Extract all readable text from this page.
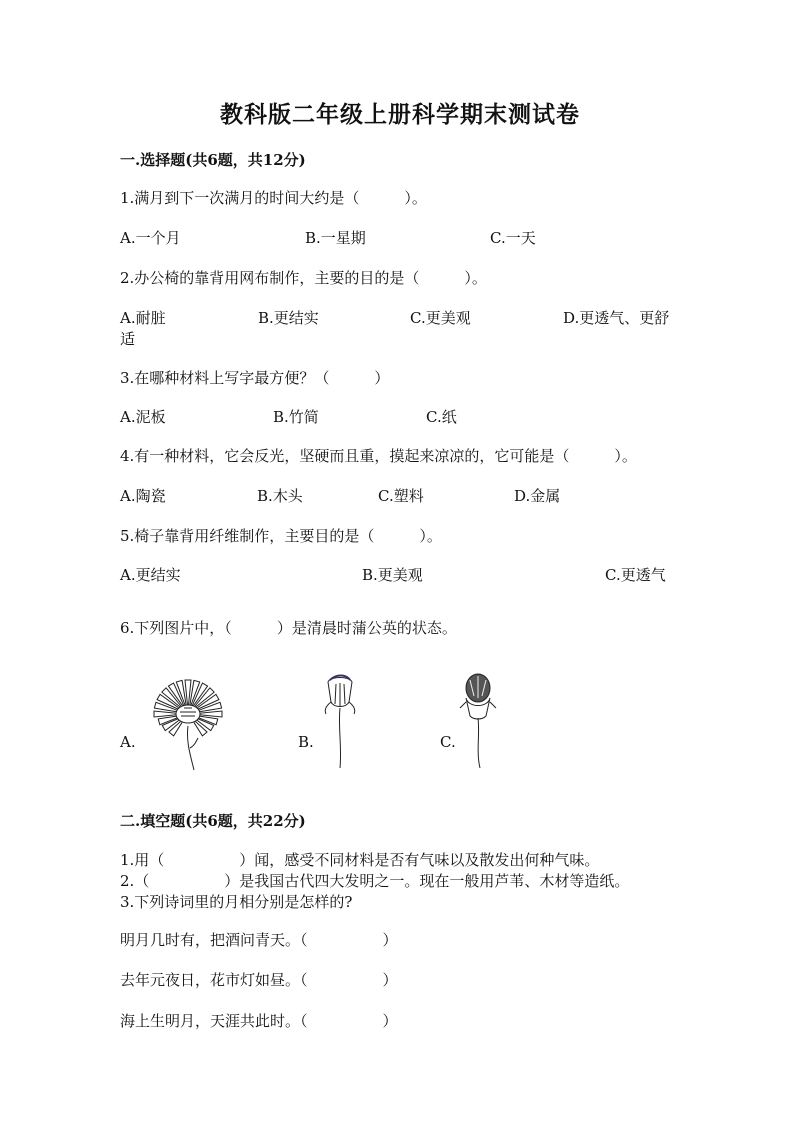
教科版二年级上册科学期末测试卷
一.选择题(共6题，共12分)
1.满月到下一次满月的时间大约是（　　　）。
A.一个月	B.一星期	C.一天
2.办公椅的靠背用网布制作，主要的目的是（　　　）。
A.耐脏	B.更结实	C.更美观	D.更透气、更舒
适
3.在哪种材料上写字最方便？（　　　）
A.泥板	B.竹简	C.纸
4.有一种材料，它会反光，坚硬而且重，摸起来凉凉的，它可能是（　　　）。
A.陶瓷	B.木头	C.塑料	D.金属
5.椅子靠背用纤维制作，主要目的是（　　　）。
A.更结实	B.更美观	C.更透气
6.下列图片中，（　　　）是清晨时蒲公英的状态。
A.	B.	C.
二.填空题(共6题，共22分)
1.用（　　　　　）闻，感受不同材料是否有气味以及散发出何种气味。
2.（　　　　　）是我国古代四大发明之一。现在一般用芦苇、木材等造纸。
3.下列诗词里的月相分别是怎样的?
明月几时有，把酒问青天。（　　　　　）
去年元夜日，花市灯如昼。（　　　　　）
海上生明月，天涯共此时。（　　　　　）
